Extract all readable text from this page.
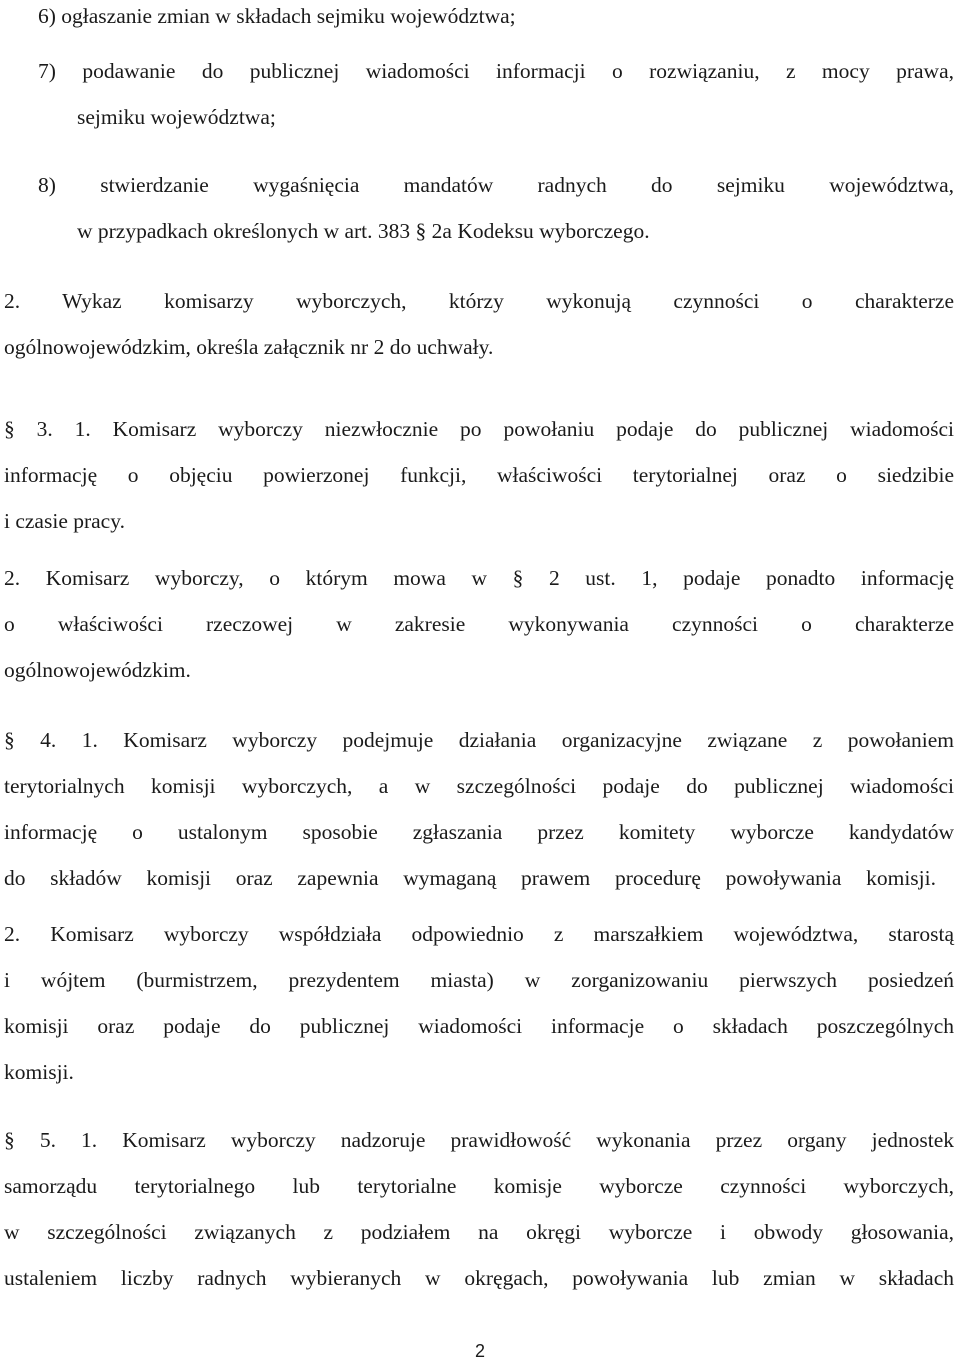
6) ogłaszanie zmian w składach sejmiku województwa;
7) podawanie do publicznej wiadomości informacji o rozwiązaniu, z mocy prawa,
sejmiku województwa;
8) stwierdzanie wygaśnięcia mandatów radnych do sejmiku województwa,
w przypadkach określonych w art. 383 § 2a Kodeksu wyborczego.
2. Wykaz komisarzy wyborczych, którzy wykonują czynności o charakterze
ogólnowojewódzkim, określa załącznik nr 2 do uchwały.
§ 3. 1. Komisarz wyborczy niezwłocznie po powołaniu podaje do publicznej wiadomości
informację o objęciu powierzonej funkcji, właściwości terytorialnej oraz o siedzibie
i czasie pracy.
2. Komisarz wyborczy, o którym mowa w § 2 ust. 1, podaje ponadto informację
o właściwości rzeczowej w zakresie wykonywania czynności o charakterze
ogólnowojewódzkim.
§ 4. 1. Komisarz wyborczy podejmuje działania organizacyjne związane z powołaniem
terytorialnych komisji wyborczych, a w szczególności podaje do publicznej wiadomości
informację o ustalonym sposobie zgłaszania przez komitety wyborcze kandydatów
do składów komisji oraz zapewnia wymaganą prawem procedurę powoływania komisji.
2. Komisarz wyborczy współdziała odpowiednio z marszałkiem województwa, starostą
i wójtem (burmistrzem, prezydentem miasta) w zorganizowaniu pierwszych posiedzeń
komisji oraz podaje do publicznej wiadomości informacje o składach poszczególnych
komisji.
§ 5. 1. Komisarz wyborczy nadzoruje prawidłowość wykonania przez organy jednostek
samorządu terytorialnego lub terytorialne komisje wyborcze czynności wyborczych,
w szczególności związanych z podziałem na okręgi wyborcze i obwody głosowania,
ustaleniem liczby radnych wybieranych w okręgach, powoływania lub zmian w składach
2
